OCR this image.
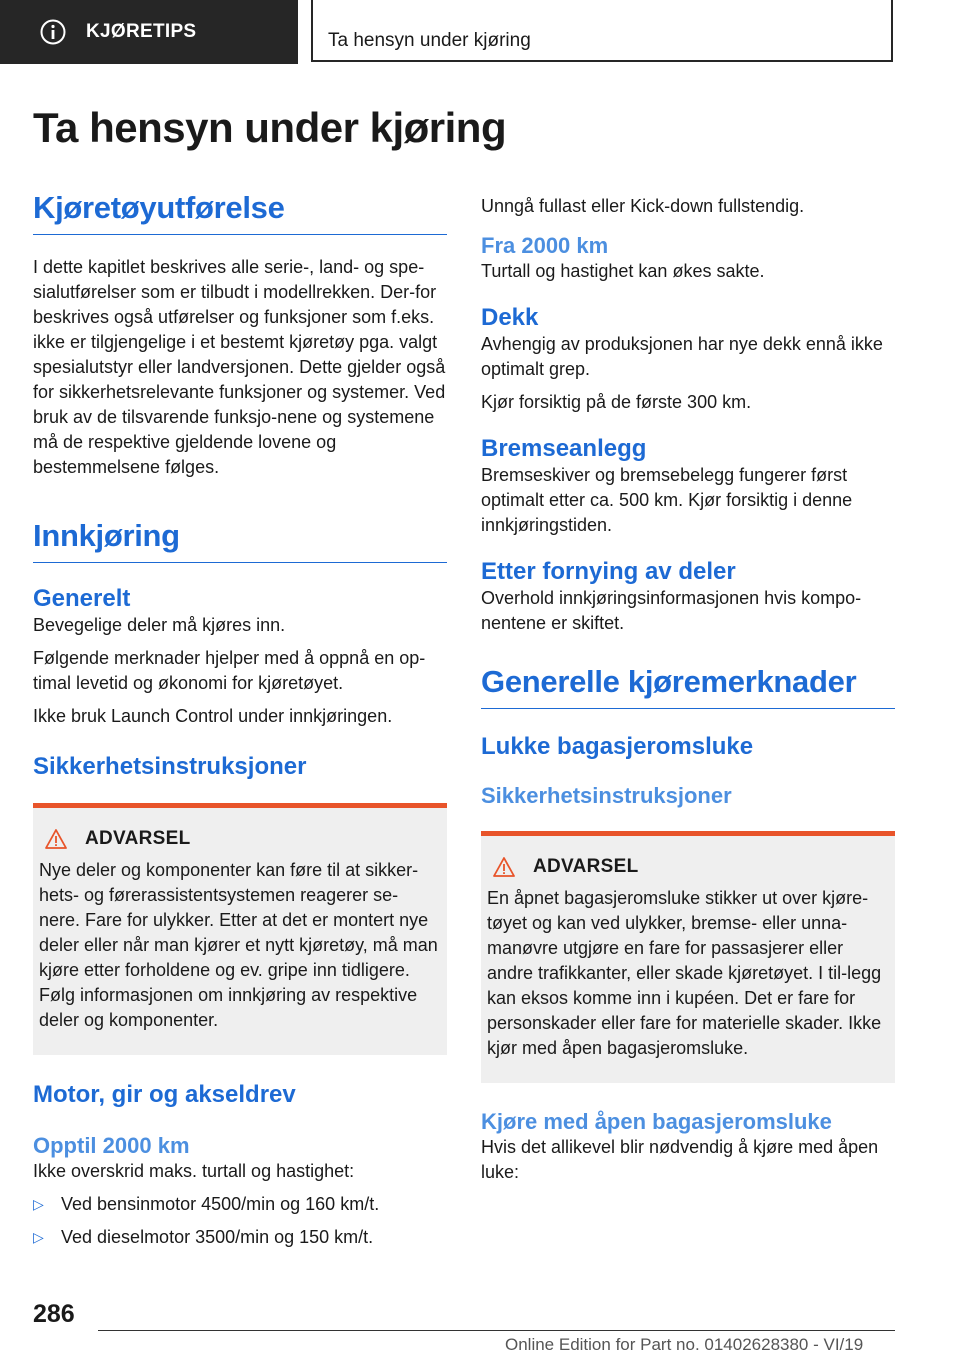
KJØRETIPS	Ta hensyn under kjøring
Ta hensyn under kjøring
Kjøretøyutførelse

I dette kapitlet beskrives alle serie-, land- og spe-sialutførelser som er tilbudt i modellrekken. Der-for beskrives også utførelser og funksjoner som f.eks. ikke er tilgjengelige i et bestemt kjøretøy pga. valgt spesialutstyr eller landversjonen. Dette gjelder også for sikkerhetsrelevante funksjoner og systemer. Ved bruk av de tilsvarende funksjo-nene og systemene må de respektive gjeldende lovene og bestemmelsene følges.

Innkjøring
Generelt

Bevegelige deler må kjøres inn.

Følgende merknader hjelper med å oppnå en op-timal levetid og økonomi for kjøretøyet.

Ikke bruk Launch Control under innkjøringen.

Sikkerhetsinstruksjoner
ADVARSEL

Nye deler og komponenter kan føre til at sikker-hets- og førerassistentsystemen reagerer se-nere. Fare for ulykker. Etter at det er montert nye deler eller når man kjører et nytt kjøretøy, må man kjøre etter forholdene og ev. gripe inn tidligere. Følg informasjonen om innkjøring av respektive deler og komponenter.

Motor, gir og akseldrev
Opptil 2000 km

Ikke overskrid maks. turtall og hastighet:

▷ Ved bensinmotor 4500/min og 160 km/t.
▷ Ved dieselmotor 3500/min og 150 km/t.

Unngå fullast eller Kick-down fullstendig.

Fra 2000 km

Turtall og hastighet kan økes sakte.

Dekk

Avhengig av produksjonen har nye dekk ennå ikke optimalt grep.

Kjør forsiktig på de første 300 km.

Bremseanlegg

Bremseskiver og bremsebelegg fungerer først optimalt etter ca. 500 km. Kjør forsiktig i denne innkjøringstiden.

Etter fornying av deler

Overhold innkjøringsinformasjonen hvis kompo-nentene er skiftet.

Generelle kjøremerknader
Lukke bagasjeromsluke
Sikkerhetsinstruksjoner
ADVARSEL

En åpnet bagasjeromsluke stikker ut over kjøre-tøyet og kan ved ulykker, bremse- eller unna-manøvre utgjøre en fare for passasjerer eller andre trafikkanter, eller skade kjøretøyet. I til-legg kan eksos komme inn i kupéen. Det er fare for personskader eller fare for materielle skader. Ikke kjør med åpen bagasjeromsluke.

Kjøre med åpen bagasjeromsluke

Hvis det allikevel blir nødvendig å kjøre med åpen luke:

286
Online Edition for Part no. 01402628380 - VI/19
